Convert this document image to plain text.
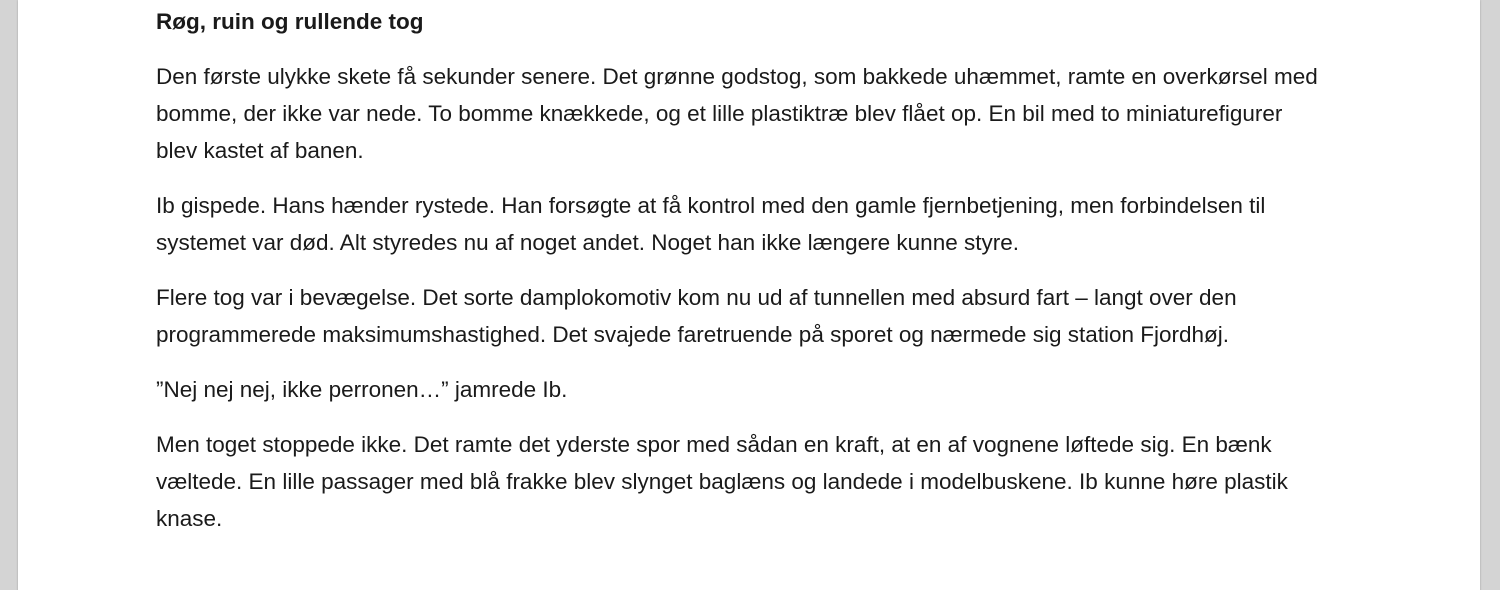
Røg, ruin og rullende tog

Den første ulykke skete få sekunder senere. Det grønne godstog, som bakkede uhæmmet, ramte en overkørsel med bomme, der ikke var nede. To bomme knækkede, og et lille plastiktræ blev flået op. En bil med to miniaturefigurer blev kastet af banen.

Ib gispede. Hans hænder rystede. Han forsøgte at få kontrol med den gamle fjernbetjening, men forbindelsen til systemet var død. Alt styredes nu af noget andet. Noget han ikke længere kunne styre.

Flere tog var i bevægelse. Det sorte damplokomotiv kom nu ud af tunnellen med absurd fart – langt over den programmerede maksimumshastighed. Det svajede faretruende på sporet og nærmede sig station Fjordhøj.

”Nej nej nej, ikke perronen…” jamrede Ib.

Men toget stoppede ikke. Det ramte det yderste spor med sådan en kraft, at en af vognene løftede sig. En bænk væltede. En lille passager med blå frakke blev slynget baglæns og landede i modelbuskene. Ib kunne høre plastik knase.
